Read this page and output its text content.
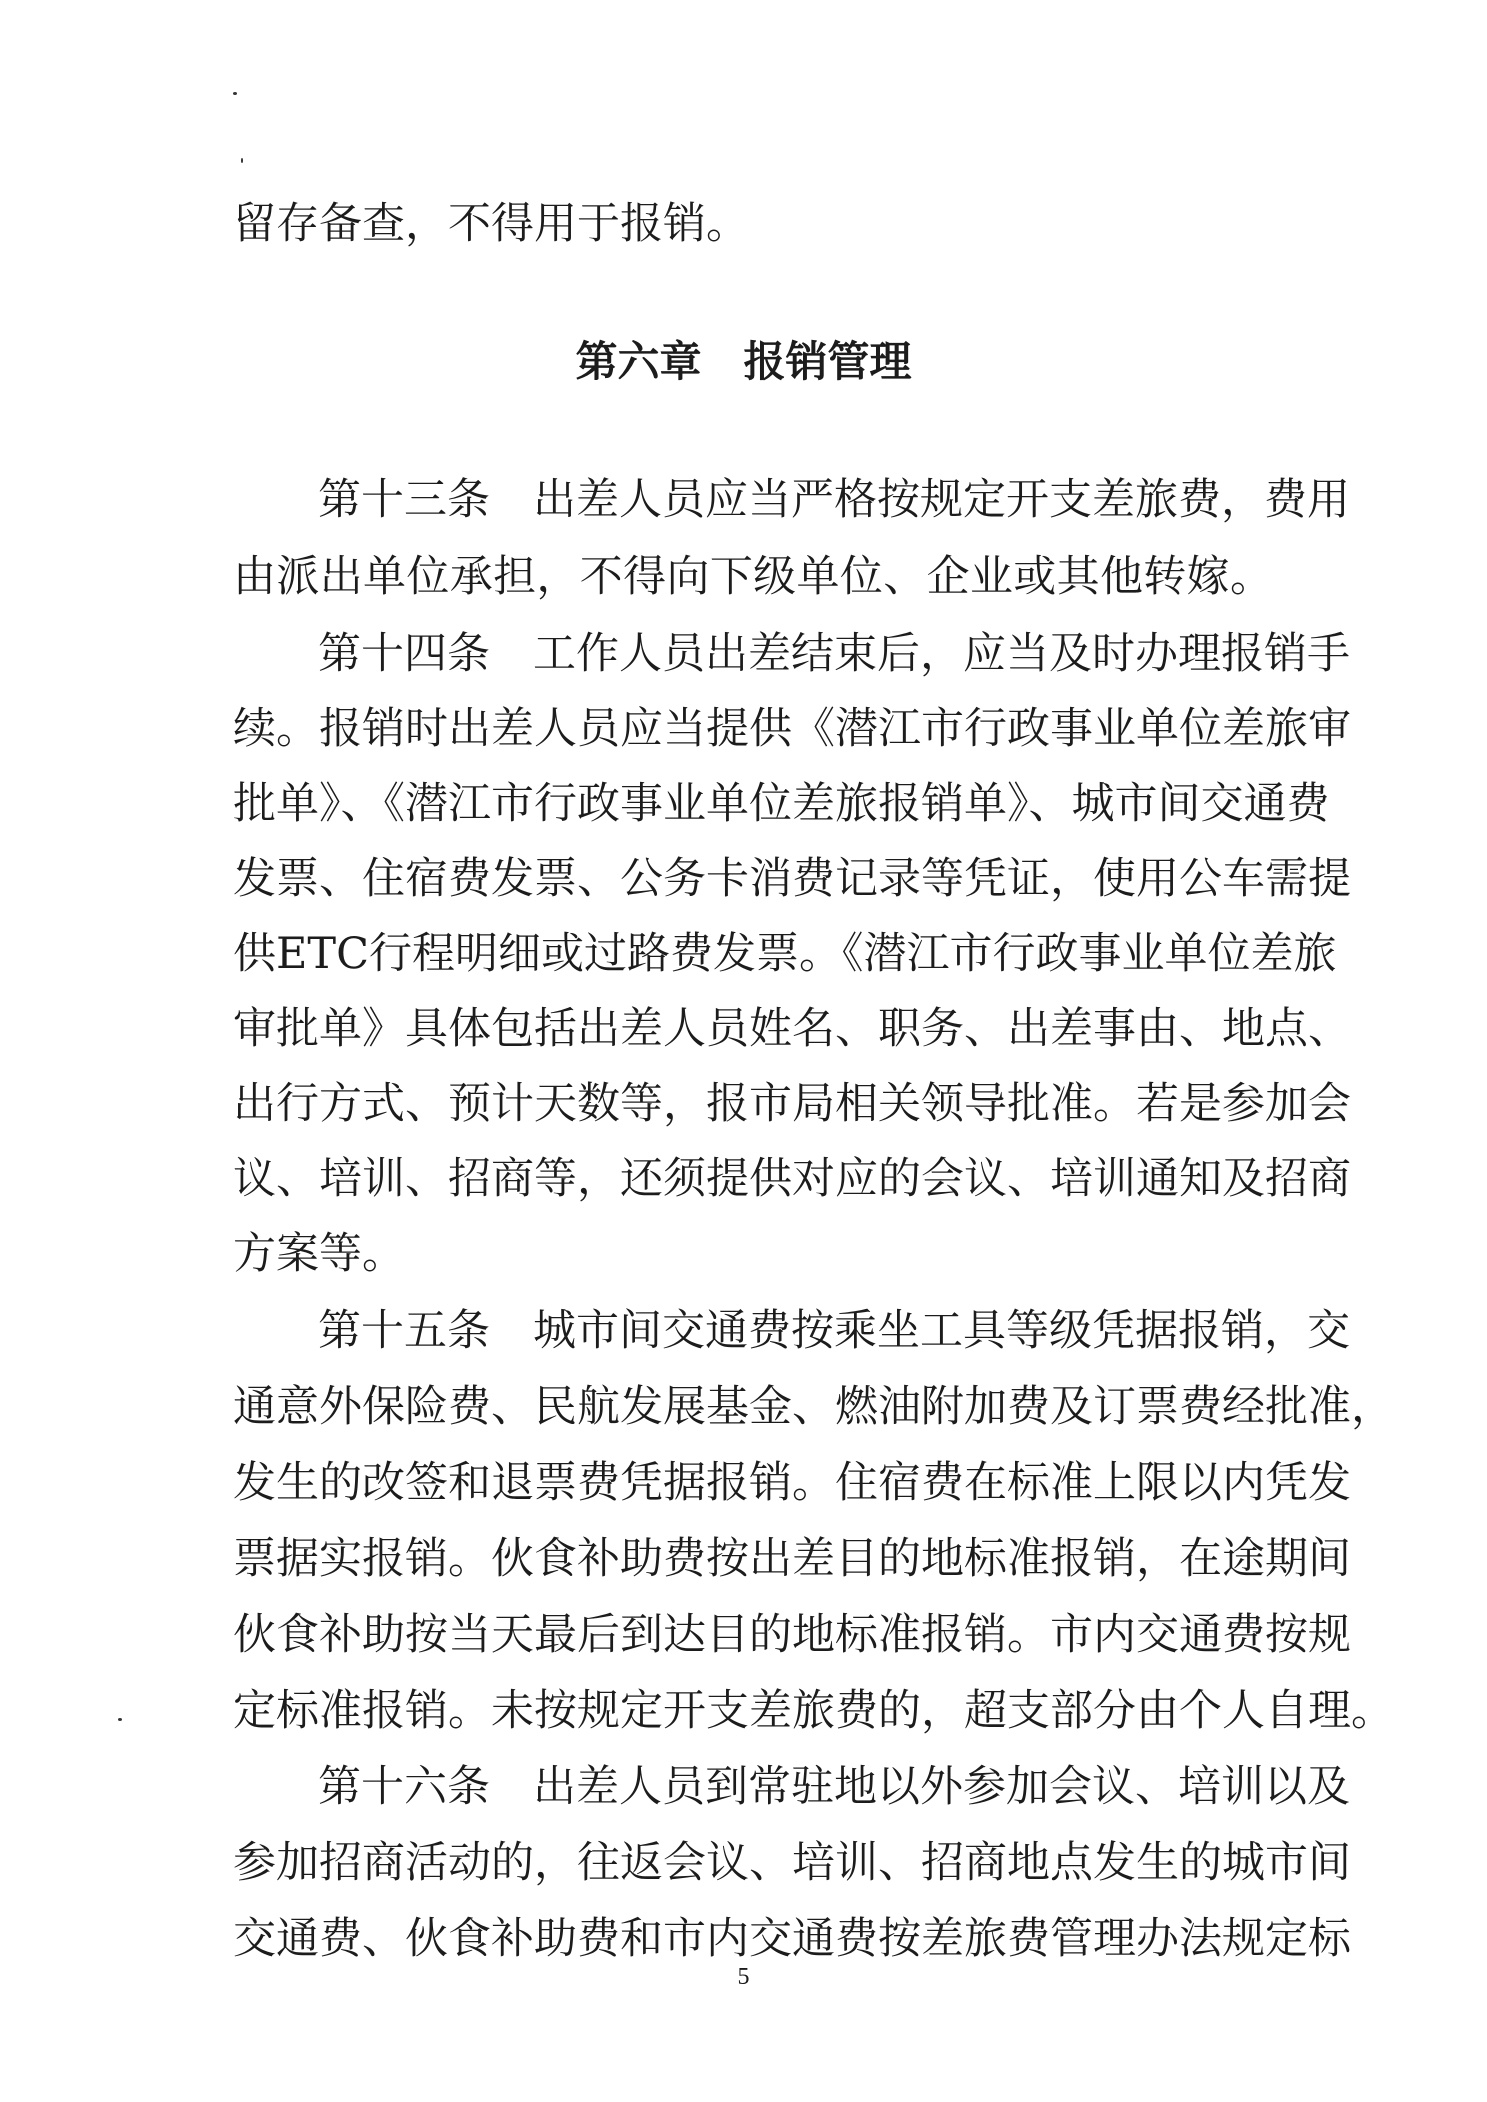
留存备查，不得用于报销。
第六章　报销管理
第十三条　出差人员应当严格按规定开支差旅费，费用
由派出单位承担，不得向下级单位、企业或其他转嫁。
第十四条　工作人员出差结束后，应当及时办理报销手
续。报销时出差人员应当提供《潜江市行政事业单位差旅审
批单》、《潜江市行政事业单位差旅报销单》、城市间交通费
发票、住宿费发票、公务卡消费记录等凭证，使用公车需提
供ETC行程明细或过路费发票。《潜江市行政事业单位差旅
审批单》具体包括出差人员姓名、职务、出差事由、地点、
出行方式、预计天数等，报市局相关领导批准。若是参加会
议、培训、招商等，还须提供对应的会议、培训通知及招商
方案等。
第十五条　城市间交通费按乘坐工具等级凭据报销，交
通意外保险费、民航发展基金、燃油附加费及订票费经批准，
发生的改签和退票费凭据报销。住宿费在标准上限以内凭发
票据实报销。伙食补助费按出差目的地标准报销，在途期间
伙食补助按当天最后到达目的地标准报销。市内交通费按规
定标准报销。未按规定开支差旅费的，超支部分由个人自理。
第十六条　出差人员到常驻地以外参加会议、培训以及
参加招商活动的，往返会议、培训、招商地点发生的城市间
交通费、伙食补助费和市内交通费按差旅费管理办法规定标
5
